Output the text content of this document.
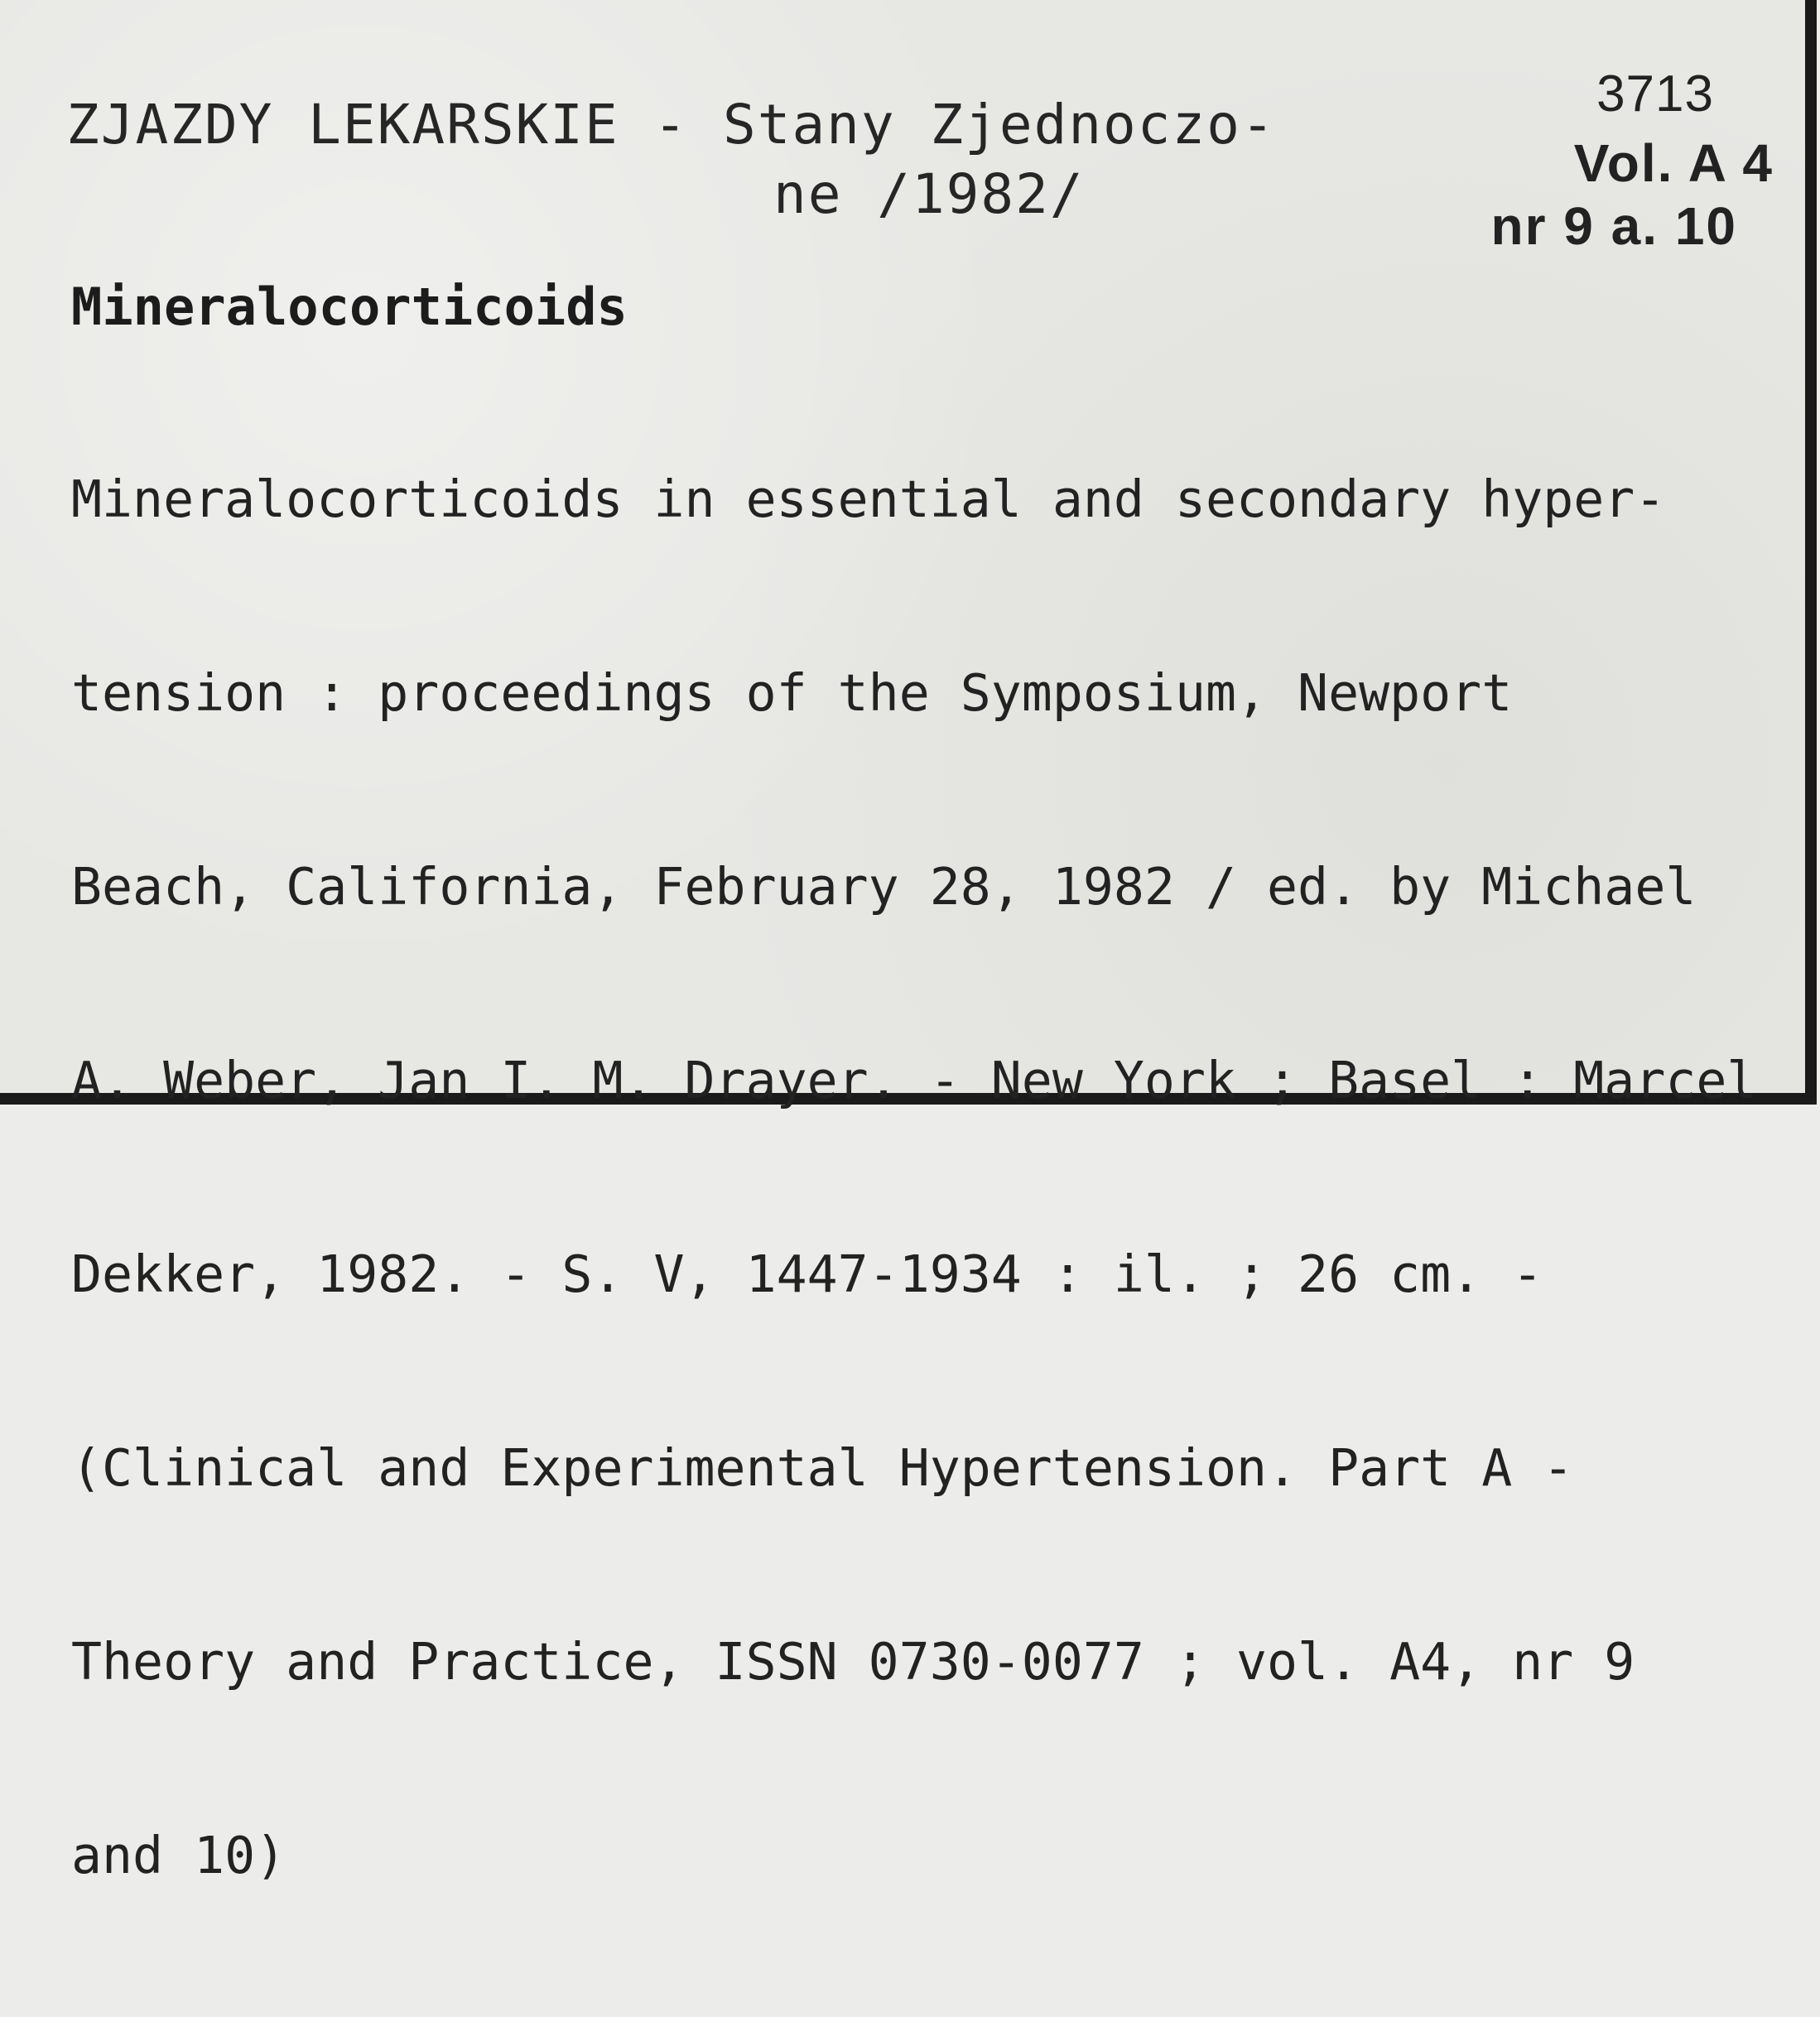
ZJAZDY LEKARSKIE - Stany Zjednoczo-
ne /1982/
3713
Vol. A 4
nr 9 a. 10
Mineralocorticoids

Mineralocorticoids in essential and secondary hyper-

tension : proceedings of the Symposium, Newport

Beach, California, February 28, 1982 / ed. by Michael

A. Weber, Jan I. M. Drayer. - New York ; Basel : Marcel

Dekker, 1982. - S. V, 1447-1934 : il. ; 26 cm. -

(Clinical and Experimental Hypertension. Part A -

Theory and Practice, ISSN 0730-0077 ; vol. A4, nr 9

and 10)
